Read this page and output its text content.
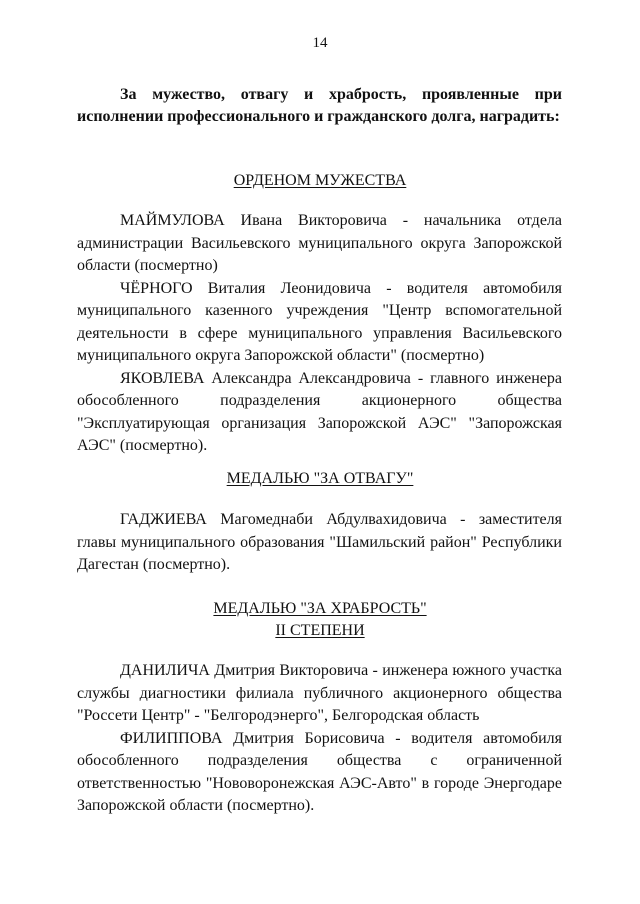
14
За мужество, отвагу и храбрость, проявленные при исполнении профессионального и гражданского долга, наградить:
ОРДЕНОМ МУЖЕСТВА

МАЙМУЛОВА Ивана Викторовича - начальника отдела администрации Васильевского муниципального округа Запорожской области (посмертно)

ЧЁРНОГО Виталия Леонидовича - водителя автомобиля муниципального казенного учреждения "Центр вспомогательной деятельности в сфере муниципального управления Васильевского муниципального округа Запорожской области" (посмертно)

ЯКОВЛЕВА Александра Александровича - главного инженера обособленного подразделения акционерного общества "Эксплуатирующая организация Запорожской АЭС" "Запорожская АЭС" (посмертно).

МЕДАЛЬЮ "ЗА ОТВАГУ"

ГАДЖИЕВА Магомеднаби Абдулвахидовича - заместителя главы муниципального образования "Шамильский район" Республики Дагестан (посмертно).

МЕДАЛЬЮ "ЗА ХРАБРОСТЬ"
II СТЕПЕНИ

ДАНИЛИЧА Дмитрия Викторовича - инженера южного участка службы диагностики филиала публичного акционерного общества "Россети Центр" - "Белгородэнерго", Белгородская область

ФИЛИППОВА Дмитрия Борисовича - водителя автомобиля обособленного подразделения общества с ограниченной ответственностью "Нововоронежская АЭС-Авто" в городе Энергодаре Запорожской области (посмертно).
